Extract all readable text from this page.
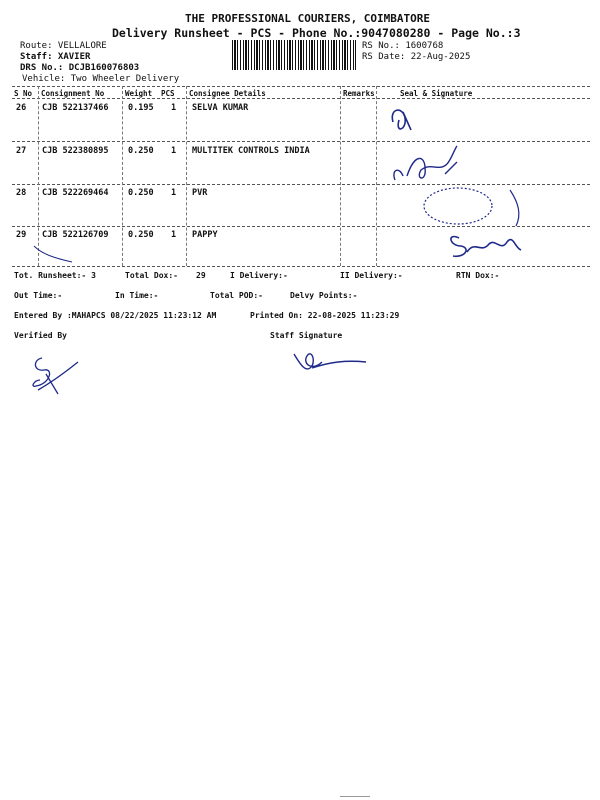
THE PROFESSIONAL COURIERS, COIMBATORE
Delivery Runsheet - PCS - Phone No.:9047080280 - Page No.:3
Route: VELLALORE
Staff: XAVIER
DRS No.: DCJB160076803
Vehicle: Two Wheeler Delivery
RS No.: 1600768
RS Date: 22-Aug-2025
S No Consignment No	Weight PCS Consignee Details	Remarks	Seal & Signature
26 CJB 522137466 0.195 1 SELVA KUMAR
27 CJB 522380895 0.250 1 MULTITEK CONTROLS INDIA
28 CJB 522269464 0.250 1 PVR
29 CJB 522126709 0.250 1 PAPPY
21.8.25
8973749779
9500679535
N.Bre
9444764112
Tot. Runsheet:- 3	Total Dox:- 29	I Delivery:-	II Delivery:-	RTN Dox:-
Out Time:-	In Time:-	Total POD:-	Delvy Points:-
Entered By :MAHAPCS 08/22/2025 11:23:12 AM	Printed On: 22-08-2025 11:23:29
Verified By	Staff Signature
